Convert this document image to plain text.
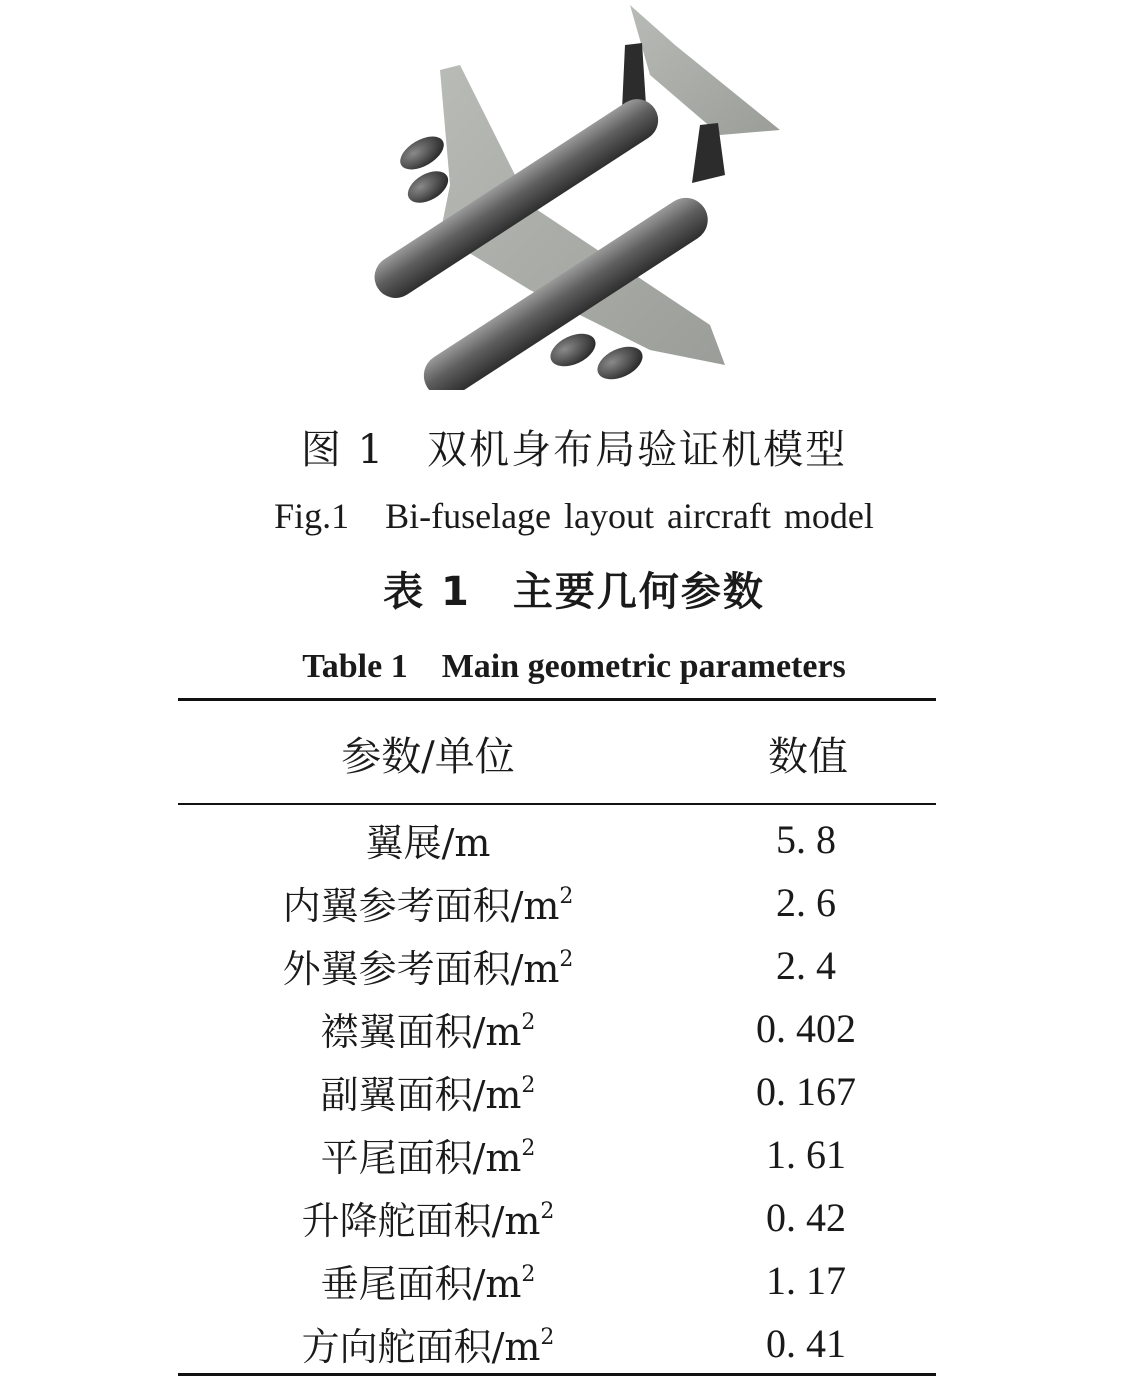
图 1　双机身布局验证机模型
Fig.1　Bi-fuselage layout aircraft model
表 1　主要几何参数
Table 1　Main geometric parameters
参数/单位	数值
翼展/m	5. 8
内翼参考面积$/m^2$	2. 6
外翼参考面积$/m^2$	2. 4
襟翼面积$/m^2$	0. 402
副翼面积$/m^2$	0. 167
平尾面积$/m^2$	1. 61
升降舵面积$/m^2$	0. 42
垂尾面积$/m^2$	1. 17
方向舵面积$/m^2$	0. 41
